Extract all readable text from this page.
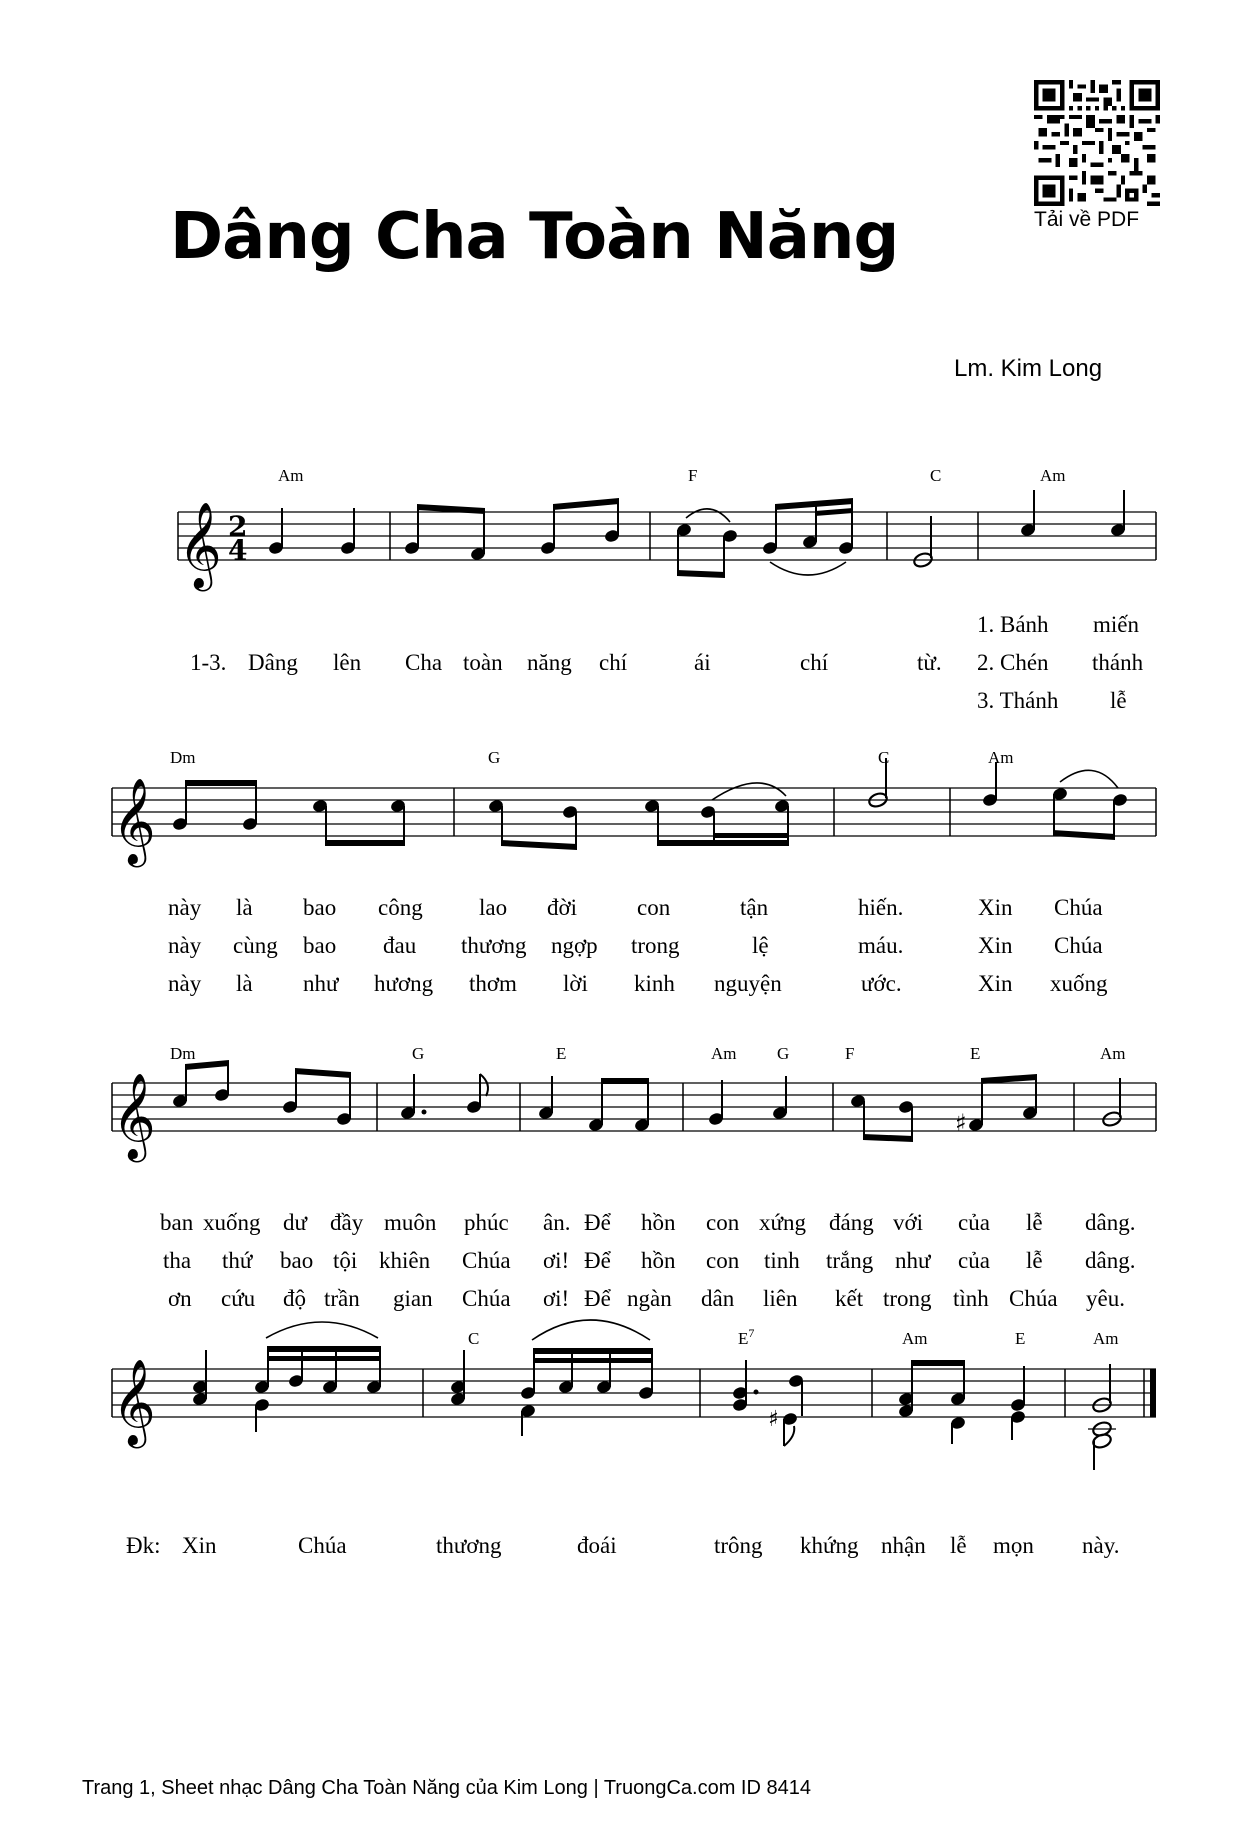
Dâng Cha Toàn Năng
Lm. Kim Long
Tải về PDF
𝄞 2
4
𝄞
𝄞	♯
𝄞	♯
Am	F	C	Am
1. Bánh miến
1-3. Dâng lên Cha toàn năng chí	ái	chí	từ. 2. Chén thánh
3. Thánh lễ
Dm	G	C	Am
này là bao công lao đời	con	tận	hiến.	Xin Chúa
này cùng bao đau thương ngợp trong	lệ	máu.	Xin Chúa
này là như hương thơm lời kinh nguyện	ước.	Xin xuống
Dm	G	E	Am G	F	E	Am
ban xuống dư đầy muôn phúc ân. Để hồn con xứng đáng với của lễ dâng.
tha thứ bao tội khiên Chúa ơi! Để hồn con tinh trắng như của lễ dâng.
ơn cứu độ trần gian Chúa ơi! Để ngàn dân liên kết trong tình Chúa yêu.
C	$E^7$	Am	E	Am
Đk: Xin	Chúa	thương	đoái	trông khứng nhận lễ mọn này.
Trang 1, Sheet nhạc Dâng Cha Toàn Năng của Kim Long | TruongCa.com ID 8414
